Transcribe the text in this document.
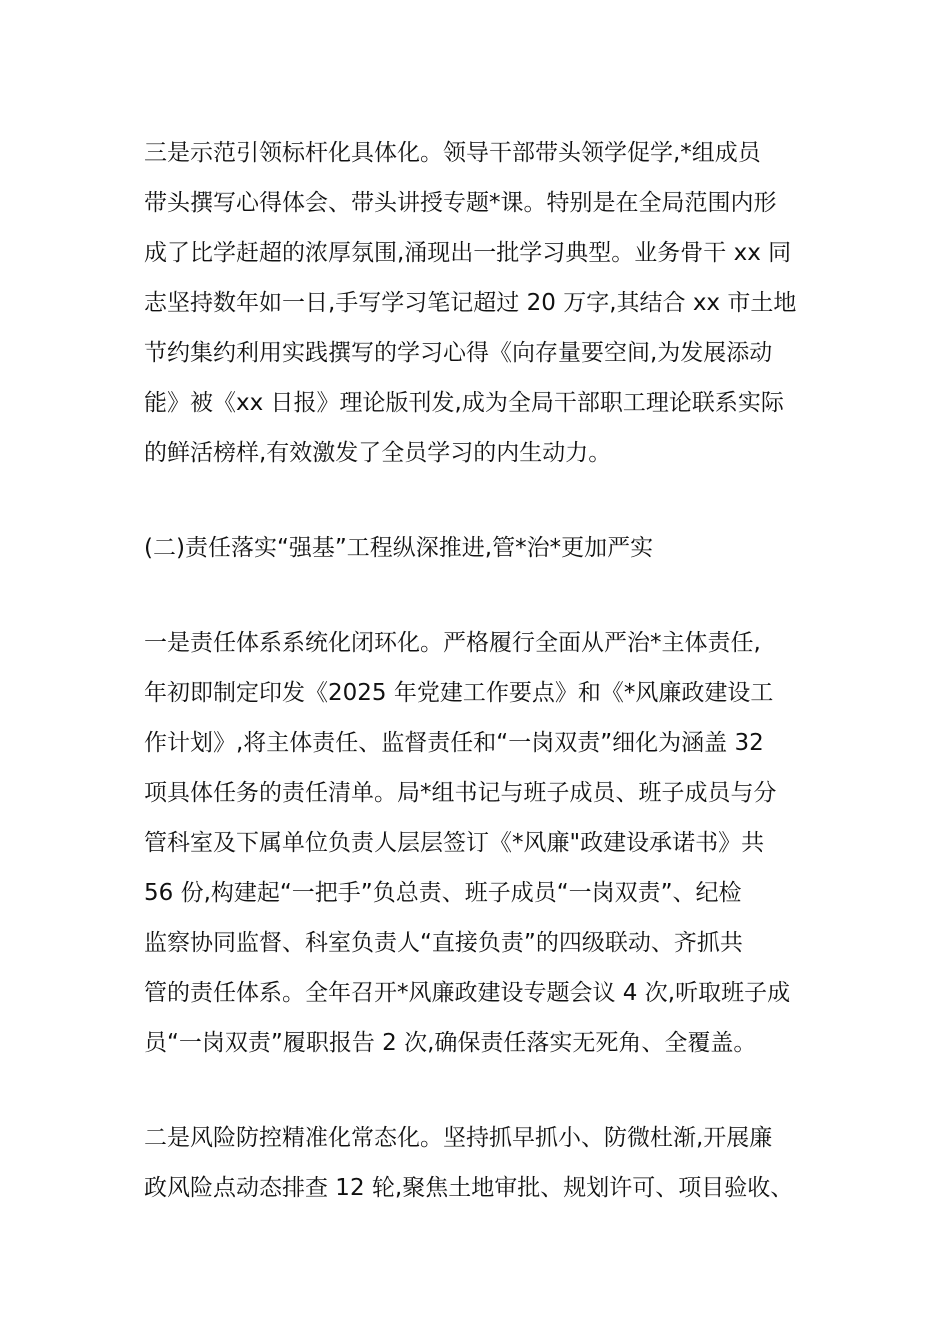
三是示范引领标杆化具体化。领导干部带头领学促学,*组成员
带头撰写心得体会、带头讲授专题*课。特别是在全局范围内形
成了比学赶超的浓厚氛围,涌现出一批学习典型。业务骨干 xx 同
志坚持数年如一日,手写学习笔记超过 20 万字,其结合 xx 市土地
节约集约利用实践撰写的学习心得《向存量要空间,为发展添动
能》被《xx 日报》理论版刊发,成为全局干部职工理论联系实际
的鲜活榜样,有效激发了全员学习的内生动力。
(二)责任落实“强基”工程纵深推进,管*治*更加严实
一是责任体系系统化闭环化。严格履行全面从严治*主体责任,
年初即制定印发《2025 年党建工作要点》和《*风廉政建设工
作计划》,将主体责任、监督责任和“一岗双责”细化为涵盖 32
项具体任务的责任清单。局*组书记与班子成员、班子成员与分
管科室及下属单位负责人层层签订《*风廉"政建设承诺书》共
56 份,构建起“一把手”负总责、班子成员“一岗双责”、纪检
监察协同监督、科室负责人“直接负责”的四级联动、齐抓共
管的责任体系。全年召开*风廉政建设专题会议 4 次,听取班子成
员“一岗双责”履职报告 2 次,确保责任落实无死角、全覆盖。
二是风险防控精准化常态化。坚持抓早抓小、防微杜渐,开展廉
政风险点动态排查 12 轮,聚焦土地审批、规划许可、项目验收、
